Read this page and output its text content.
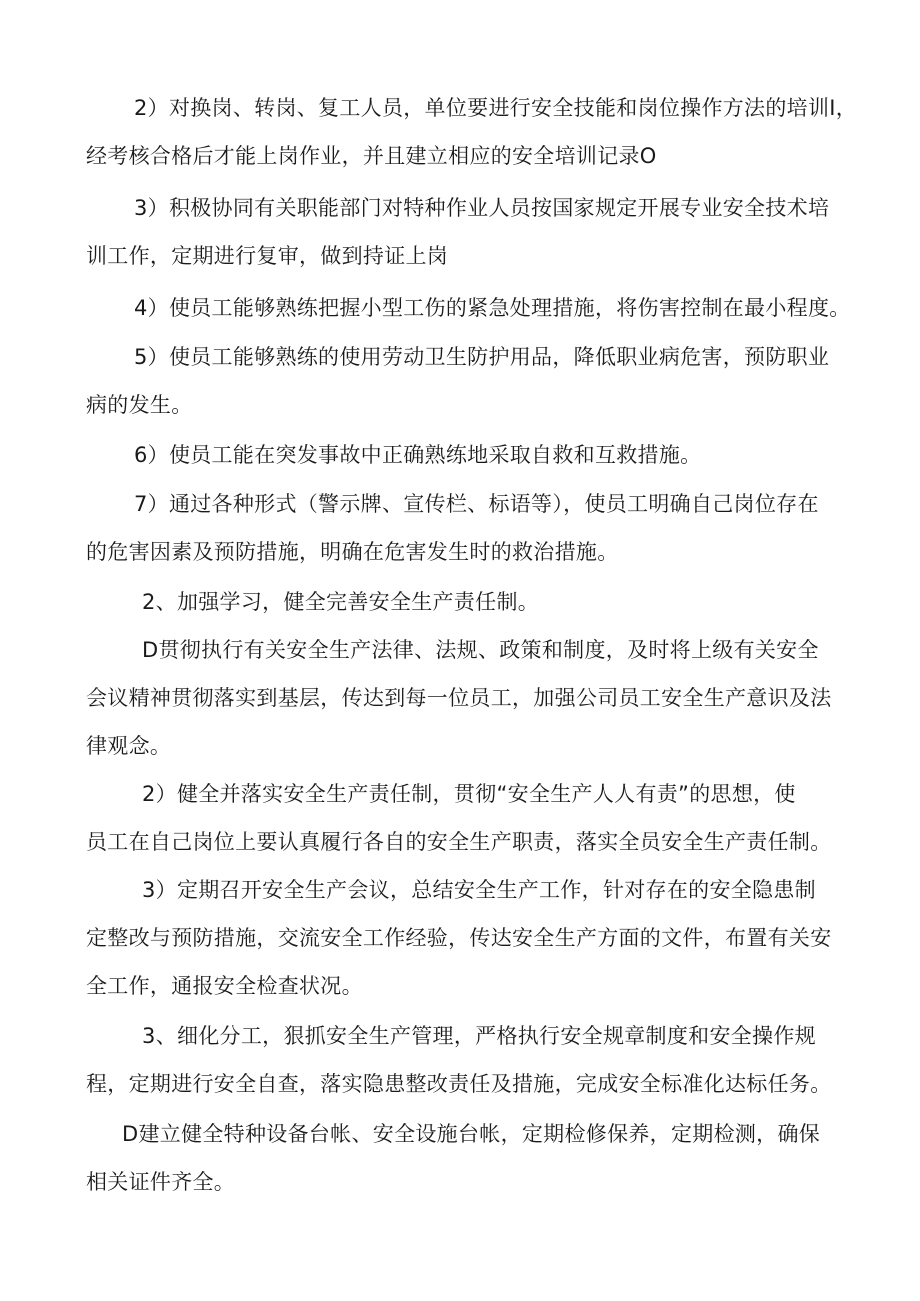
2）对换岗、转岗、复工人员，单位要进行安全技能和岗位操作方法的培训I，
经考核合格后才能上岗作业，并且建立相应的安全培训记录O

3）积极协同有关职能部门对特种作业人员按国家规定开展专业安全技术培
训工作，定期进行复审，做到持证上岗

4）使员工能够熟练把握小型工伤的紧急处理措施，将伤害控制在最小程度。

5）使员工能够熟练的使用劳动卫生防护用品，降低职业病危害，预防职业
病的发生。

6）使员工能在突发事故中正确熟练地采取自救和互救措施。

7）通过各种形式（警示牌、宣传栏、标语等），使员工明确自己岗位存在
的危害因素及预防措施，明确在危害发生时的救治措施。

2、加强学习，健全完善安全生产责任制。

D贯彻执行有关安全生产法律、法规、政策和制度，及时将上级有关安全
会议精神贯彻落实到基层，传达到每一位员工，加强公司员工安全生产意识及法
律观念。

2）健全并落实安全生产责任制，贯彻“安全生产人人有责”的思想，使
员工在自己岗位上要认真履行各自的安全生产职责，落实全员安全生产责任制。

3）定期召开安全生产会议，总结安全生产工作，针对存在的安全隐患制
定整改与预防措施，交流安全工作经验，传达安全生产方面的文件，布置有关安
全工作，通报安全检查状况。

3、细化分工，狠抓安全生产管理，严格执行安全规章制度和安全操作规
程，定期进行安全自查，落实隐患整改责任及措施，完成安全标准化达标任务。

D建立健全特种设备台帐、安全设施台帐，定期检修保养，定期检测，确保
相关证件齐全。
